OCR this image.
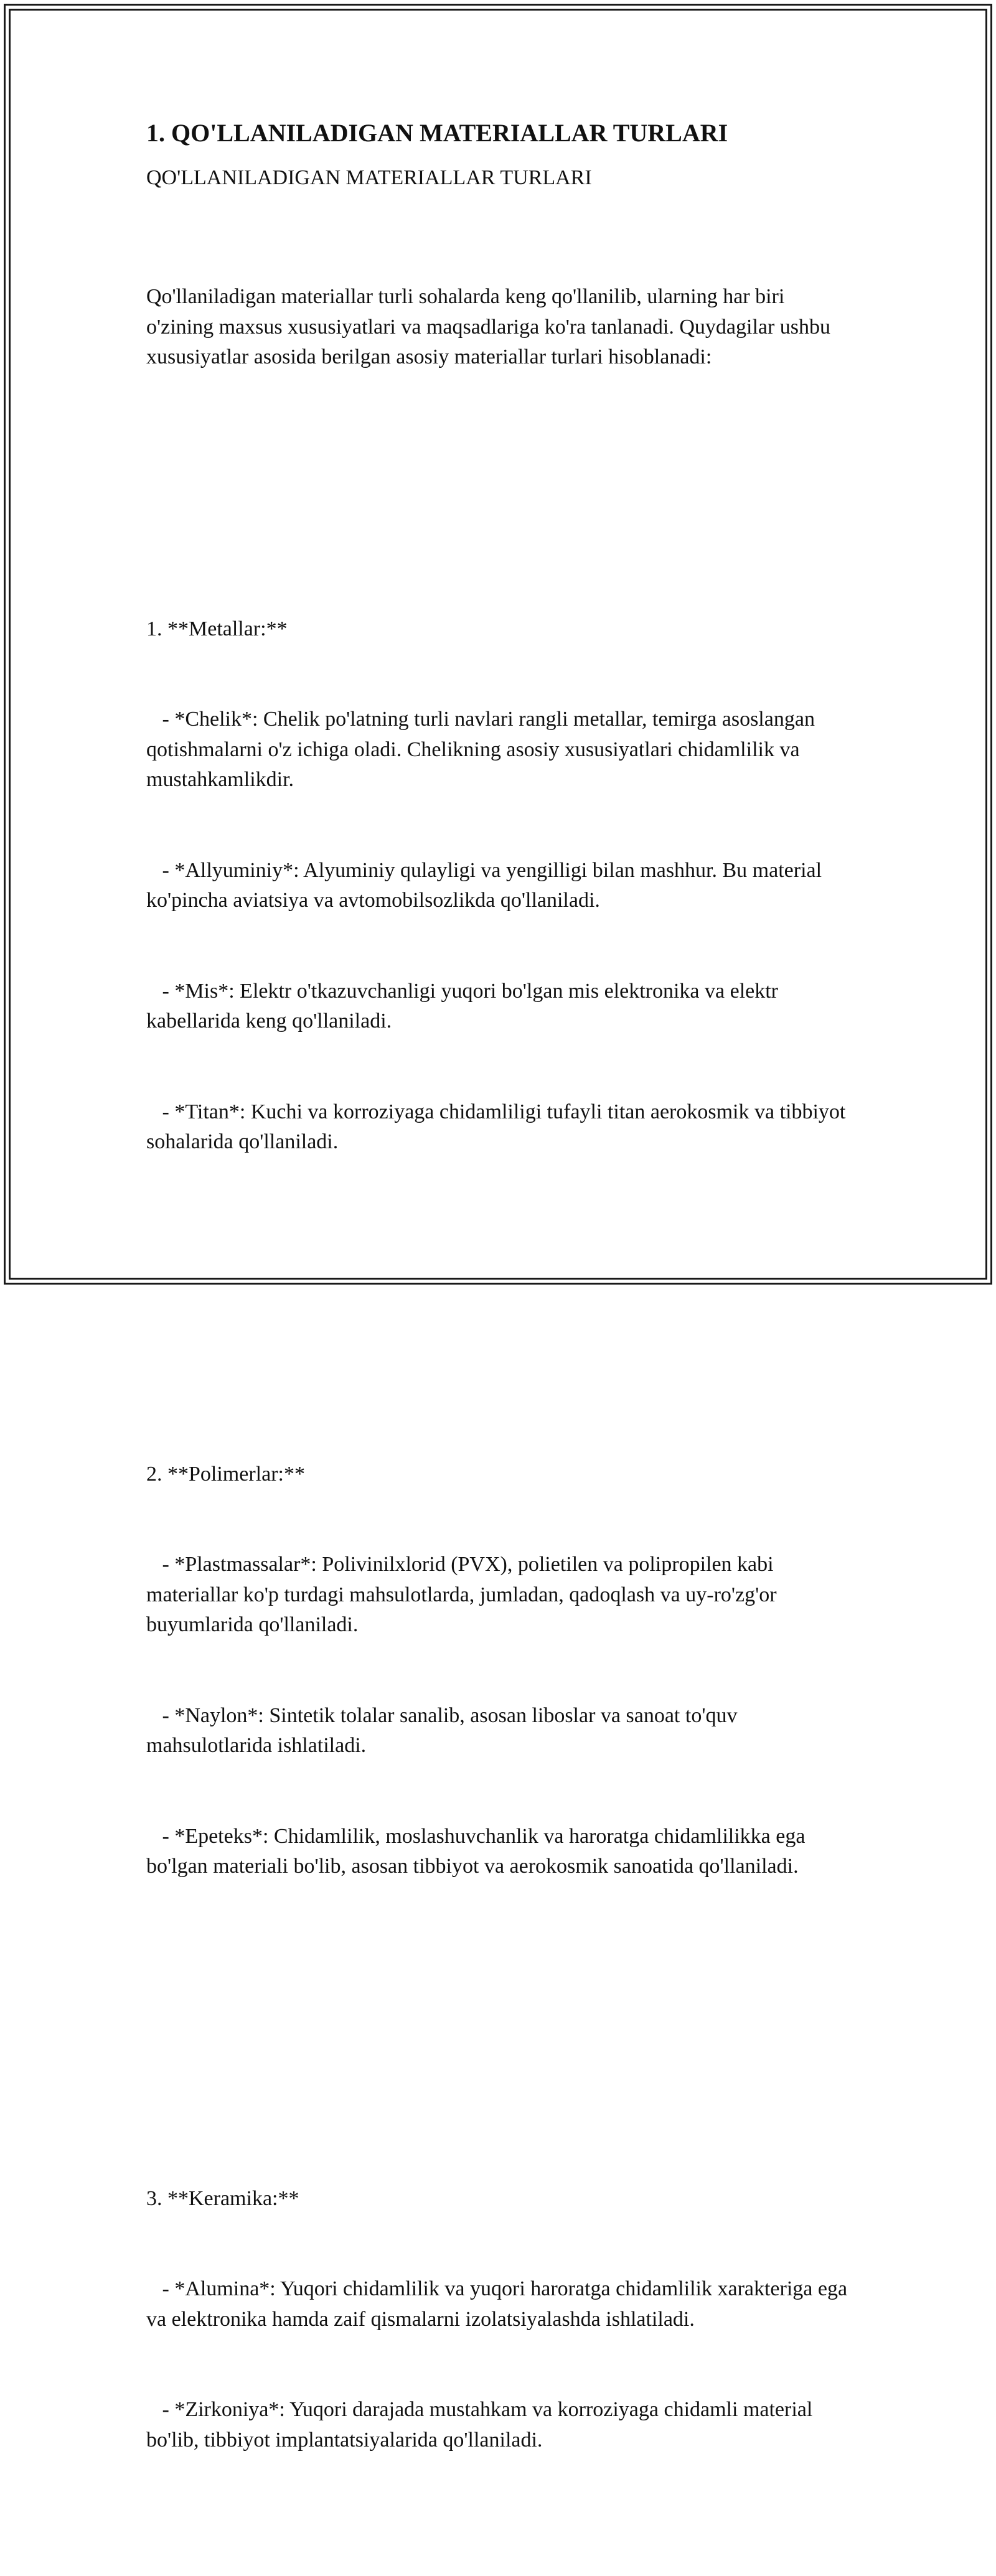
1. QO'LLANILADIGAN MATERIALLAR TURLARI

QO'LLANILADIGAN MATERIALLAR TURLARI

Qo'llaniladigan materiallar turli sohalarda keng qo'llanilib, ularning har biri o'zining maxsus xususiyatlari va maqsadlariga ko'ra tanlanadi. Quydagilar ushbu xususiyatlar asosida berilgan asosiy materiallar turlari hisoblanadi:

1. **Metallar:**

- *Chelik*: Chelik po'latning turli navlari rangli metallar, temirga asoslangan qotishmalarni o'z ichiga oladi. Chelikning asosiy xususiyatlari chidamlilik va mustahkamlikdir.

- *Allyuminiy*: Alyuminiy qulayligi va yengilligi bilan mashhur. Bu material ko'pincha aviatsiya va avtomobilsozlikda qo'llaniladi.

- *Mis*: Elektr o'tkazuvchanligi yuqori bo'lgan mis elektronika va elektr kabellarida keng qo'llaniladi.

- *Titan*: Kuchi va korroziyaga chidamliligi tufayli titan aerokosmik va tibbiyot sohalarida qo'llaniladi.

2. **Polimerlar:**

- *Plastmassalar*: Polivinilxlorid (PVX), polietilen va polipropilen kabi materiallar ko'p turdagi mahsulotlarda, jumladan, qadoqlash va uy-ro'zg'or buyumlarida qo'llaniladi.

- *Naylon*: Sintetik tolalar sanalib, asosan liboslar va sanoat to'quv mahsulotlarida ishlatiladi.

- *Epeteks*: Chidamlilik, moslashuvchanlik va haroratga chidamlilikka ega bo'lgan materiali bo'lib, asosan tibbiyot va aerokosmik sanoatida qo'llaniladi.

3. **Keramika:**

- *Alumina*: Yuqori chidamlilik va yuqori haroratga chidamlilik xarakteriga ega va elektronika hamda zaif qismalarni izolatsiyalashda ishlatiladi.

- *Zirkoniya*: Yuqori darajada mustahkam va korroziyaga chidamli material bo'lib, tibbiyot implantatsiyalarida qo'llaniladi.
